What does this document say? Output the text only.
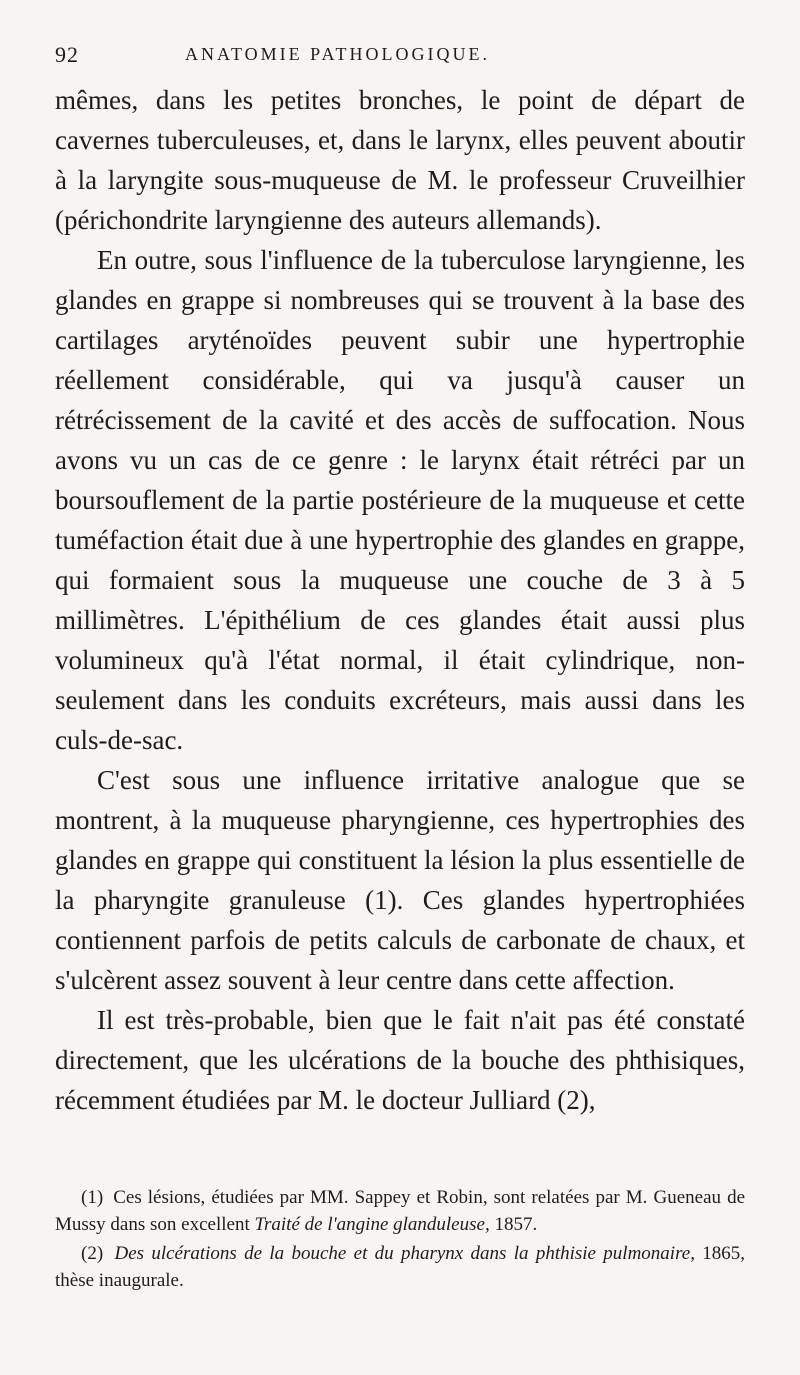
92	ANATOMIE PATHOLOGIQUE.

mêmes, dans les petites bronches, le point de départ de cavernes tuberculeuses, et, dans le larynx, elles peuvent aboutir à la laryngite sous-muqueuse de M. le professeur Cruveilhier (périchondrite laryngienne des auteurs allemands).

En outre, sous l'influence de la tuberculose laryngienne, les glandes en grappe si nombreuses qui se trouvent à la base des cartilages aryténoïdes peuvent subir une hypertrophie réellement considérable, qui va jusqu'à causer un rétrécissement de la cavité et des accès de suffocation. Nous avons vu un cas de ce genre : le larynx était rétréci par un boursouflement de la partie postérieure de la muqueuse et cette tuméfaction était due à une hypertrophie des glandes en grappe, qui formaient sous la muqueuse une couche de 3 à 5 millimètres. L'épithélium de ces glandes était aussi plus volumineux qu'à l'état normal, il était cylindrique, non-seulement dans les conduits excréteurs, mais aussi dans les culs-de-sac.

C'est sous une influence irritative analogue que se montrent, à la muqueuse pharyngienne, ces hypertrophies des glandes en grappe qui constituent la lésion la plus essentielle de la pharyngite granuleuse (1). Ces glandes hypertrophiées contiennent parfois de petits calculs de carbonate de chaux, et s'ulcèrent assez souvent à leur centre dans cette affection.

Il est très-probable, bien que le fait n'ait pas été constaté directement, que les ulcérations de la bouche des phthisiques, récemment étudiées par M. le docteur Julliard (2),

(1) Ces lésions, étudiées par MM. Sappey et Robin, sont relatées par M. Gueneau de Mussy dans son excellent Traité de l'angine glanduleuse, 1857.

(2) Des ulcérations de la bouche et du pharynx dans la phthisie pulmonaire, 1865, thèse inaugurale.
